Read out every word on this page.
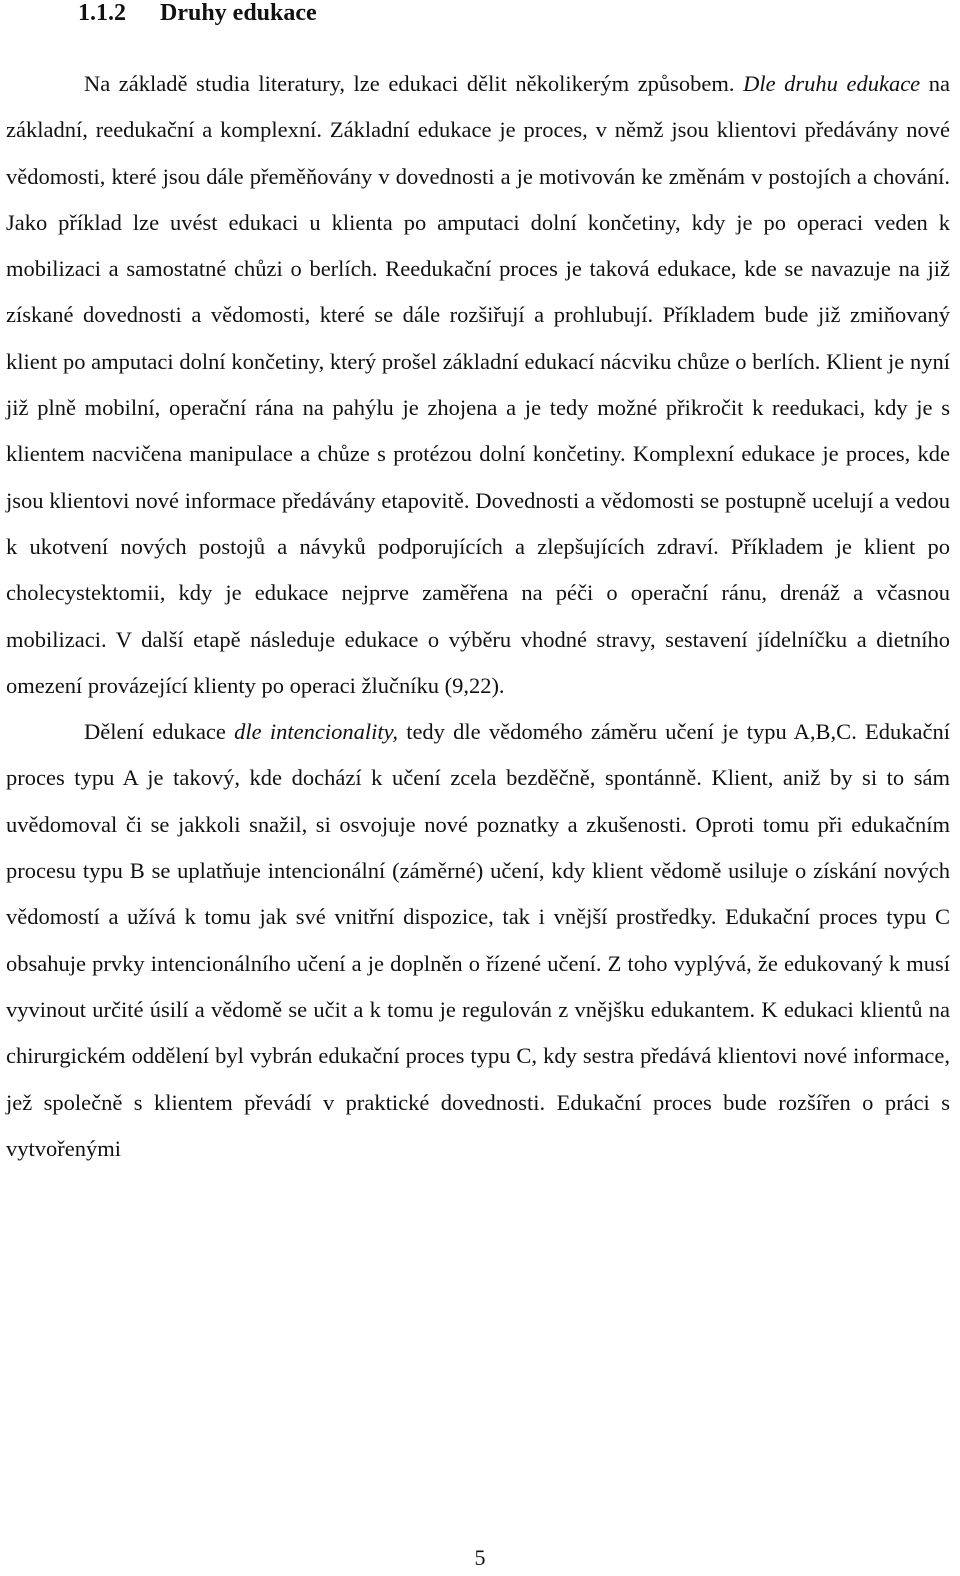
1.1.2 Druhy edukace

Na základě studia literatury, lze edukaci dělit několikerým způsobem. Dle druhu edukace na základní, reedukační a komplexní. Základní edukace je proces, v němž jsou klientovi předávány nové vědomosti, které jsou dále přeměňovány v dovednosti a je motivován ke změnám v postojích a chování. Jako příklad lze uvést edukaci u klienta po amputaci dolní končetiny, kdy je po operaci veden k mobilizaci a samostatné chůzi o berlích. Reedukační proces je taková edukace, kde se navazuje na již získané dovednosti a vědomosti, které se dále rozšiřují a prohlubují. Příkladem bude již zmiňovaný klient po amputaci dolní končetiny, který prošel základní edukací nácviku chůze o berlích. Klient je nyní již plně mobilní, operační rána na pahýlu je zhojena a je tedy možné přikročit k reedukaci, kdy je s klientem nacvičena manipulace a chůze s protézou dolní končetiny. Komplexní edukace je proces, kde jsou klientovi nové informace předávány etapovitě. Dovednosti a vědomosti se postupně ucelují a vedou k ukotvení nových postojů a návyků podporujících a zlepšujících zdraví. Příkladem je klient po cholecystektomii, kdy je edukace nejprve zaměřena na péči o operační ránu, drenáž a včasnou mobilizaci. V další etapě následuje edukace o výběru vhodné stravy, sestavení jídelníčku a dietního omezení provázející klienty po operaci žlučníku (9,22).

Dělení edukace dle intencionality, tedy dle vědomého záměru učení je typu A,B,C. Edukační proces typu A je takový, kde dochází k učení zcela bezděčně, spontánně. Klient, aniž by si to sám uvědomoval či se jakkoli snažil, si osvojuje nové poznatky a zkušenosti. Oproti tomu při edukačním procesu typu B se uplatňuje intencionální (záměrné) učení, kdy klient vědomě usiluje o získání nových vědomostí a užívá k tomu jak své vnitřní dispozice, tak i vnější prostředky. Edukační proces typu C obsahuje prvky intencionálního učení a je doplněn o řízené učení. Z toho vyplývá, že edukovaný k musí vyvinout určité úsilí a vědomě se učit a k tomu je regulován z vnějšku edukantem. K edukaci klientů na chirurgickém oddělení byl vybrán edukační proces typu C, kdy sestra předává klientovi nové informace, jež společně s klientem převádí v praktické dovednosti. Edukační proces bude rozšířen o práci s vytvořenými

5
